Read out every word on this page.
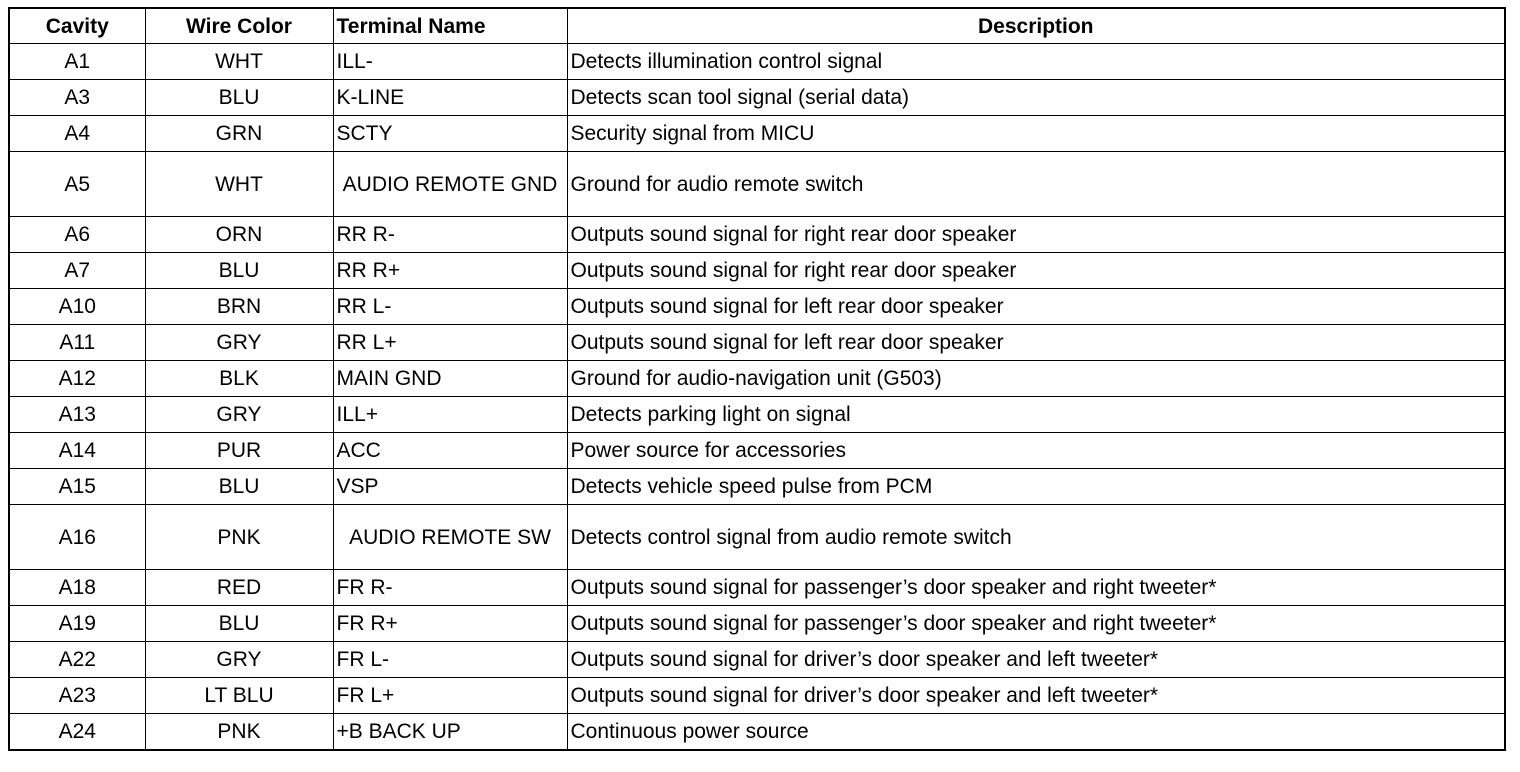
Cavity	Wire Color	Terminal Name	Description
A1	WHT	ILL-	Detects illumination control signal
A3	BLU	K-LINE	Detects scan tool signal (serial data)
A4	GRN	SCTY	Security signal from MICU
A5	WHT	AUDIO REMOTE GND	Ground for audio remote switch
A6	ORN	RR R-	Outputs sound signal for right rear door speaker
A7	BLU	RR R+	Outputs sound signal for right rear door speaker
A10	BRN	RR L-	Outputs sound signal for left rear door speaker
A11	GRY	RR L+	Outputs sound signal for left rear door speaker
A12	BLK	MAIN GND	Ground for audio-navigation unit (G503)
A13	GRY	ILL+	Detects parking light on signal
A14	PUR	ACC	Power source for accessories
A15	BLU	VSP	Detects vehicle speed pulse from PCM
A16	PNK	AUDIO REMOTE SW	Detects control signal from audio remote switch
A18	RED	FR R-	Outputs sound signal for passenger’s door speaker and right tweeter*
A19	BLU	FR R+	Outputs sound signal for passenger’s door speaker and right tweeter*
A22	GRY	FR L-	Outputs sound signal for driver’s door speaker and left tweeter*
A23	LT BLU	FR L+	Outputs sound signal for driver’s door speaker and left tweeter*
A24	PNK	+B BACK UP	Continuous power source
